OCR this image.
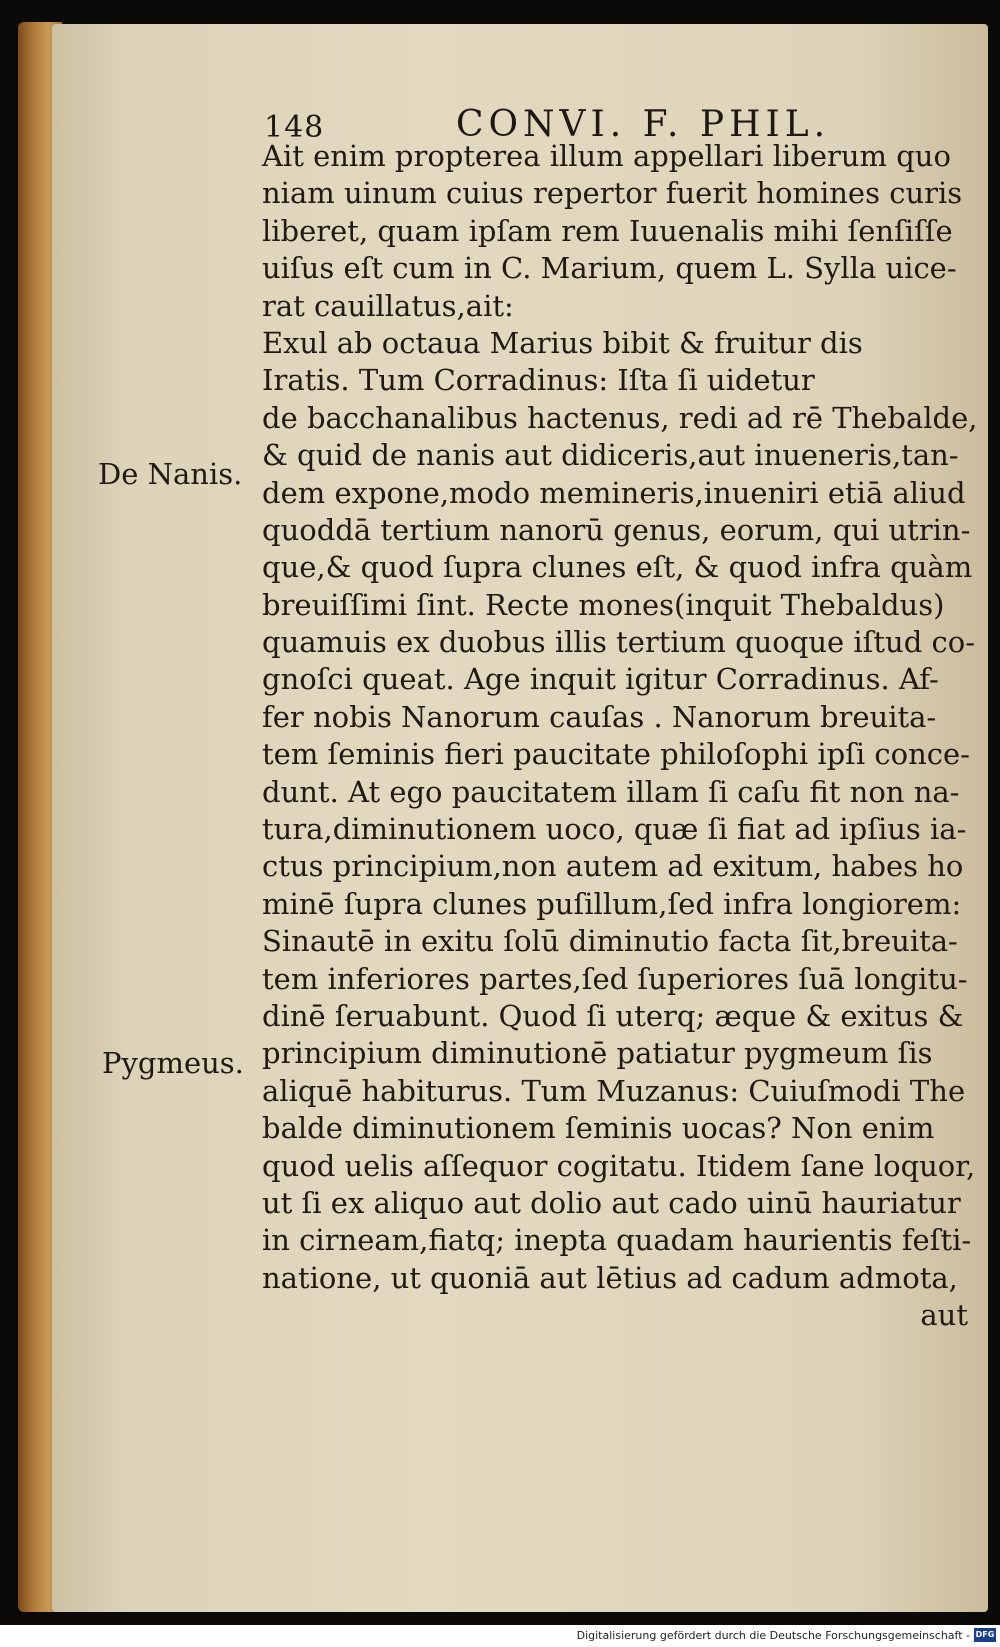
148	CONVI. F. PHIL.
De Nanis.
Pygmeus.
Ait enim propterea illum appellari liberum quo
niam uinum cuius repertor fuerit homines curis
liberet, quam ipſam rem Iuuenalis mihi ſenſiſſe
uiſus eſt cum in C. Marium, quem L. Sylla uice-
rat cauillatus,ait:
Exul ab octaua Marius bibit & fruitur dis
Iratis. Tum Corradinus: Iſta ſi uidetur
de bacchanalibus hactenus, redi ad rē Thebalde,
& quid de nanis aut didiceris,aut inueneris,tan-
dem expone,modo memineris,inueniri etiā aliud
quoddā tertium nanorū genus, eorum, qui utrin-
que,& quod ſupra clunes eſt, & quod infra quàm
breuiſſimi ſint. Recte mones(inquit Thebaldus)
quamuis ex duobus illis tertium quoque iſtud co-
gnoſci queat. Age inquit igitur Corradinus. Af-
fer nobis Nanorum cauſas . Nanorum breuita-
tem ſeminis fieri paucitate philoſophi ipſi conce-
dunt. At ego paucitatem illam ſi caſu fit non na-
tura,diminutionem uoco, quæ ſi fiat ad ipſius ia-
ctus principium,non autem ad exitum, habes ho
minē ſupra clunes puſillum,ſed infra longiorem:
Sinautē in exitu ſolū diminutio facta ſit,breuita-
tem inferiores partes,ſed ſuperiores ſuā longitu-
dinē ſeruabunt. Quod ſi uterq; æque & exitus &
principium diminutionē patiatur pygmeum ſis
aliquē habiturus. Tum Muzanus: Cuiuſmodi The
balde diminutionem ſeminis uocas? Non enim
quod uelis aſſequor cogitatu. Itidem ſane loquor,
ut ſi ex aliquo aut dolio aut cado uinū hauriatur
in cirneam,fiatq; inepta quadam haurientis feſti-
natione, ut quoniā aut lētius ad cadum admota,
aut
Digitalisierung gefördert durch die Deutsche Forschungsgemeinschaft - DFG
